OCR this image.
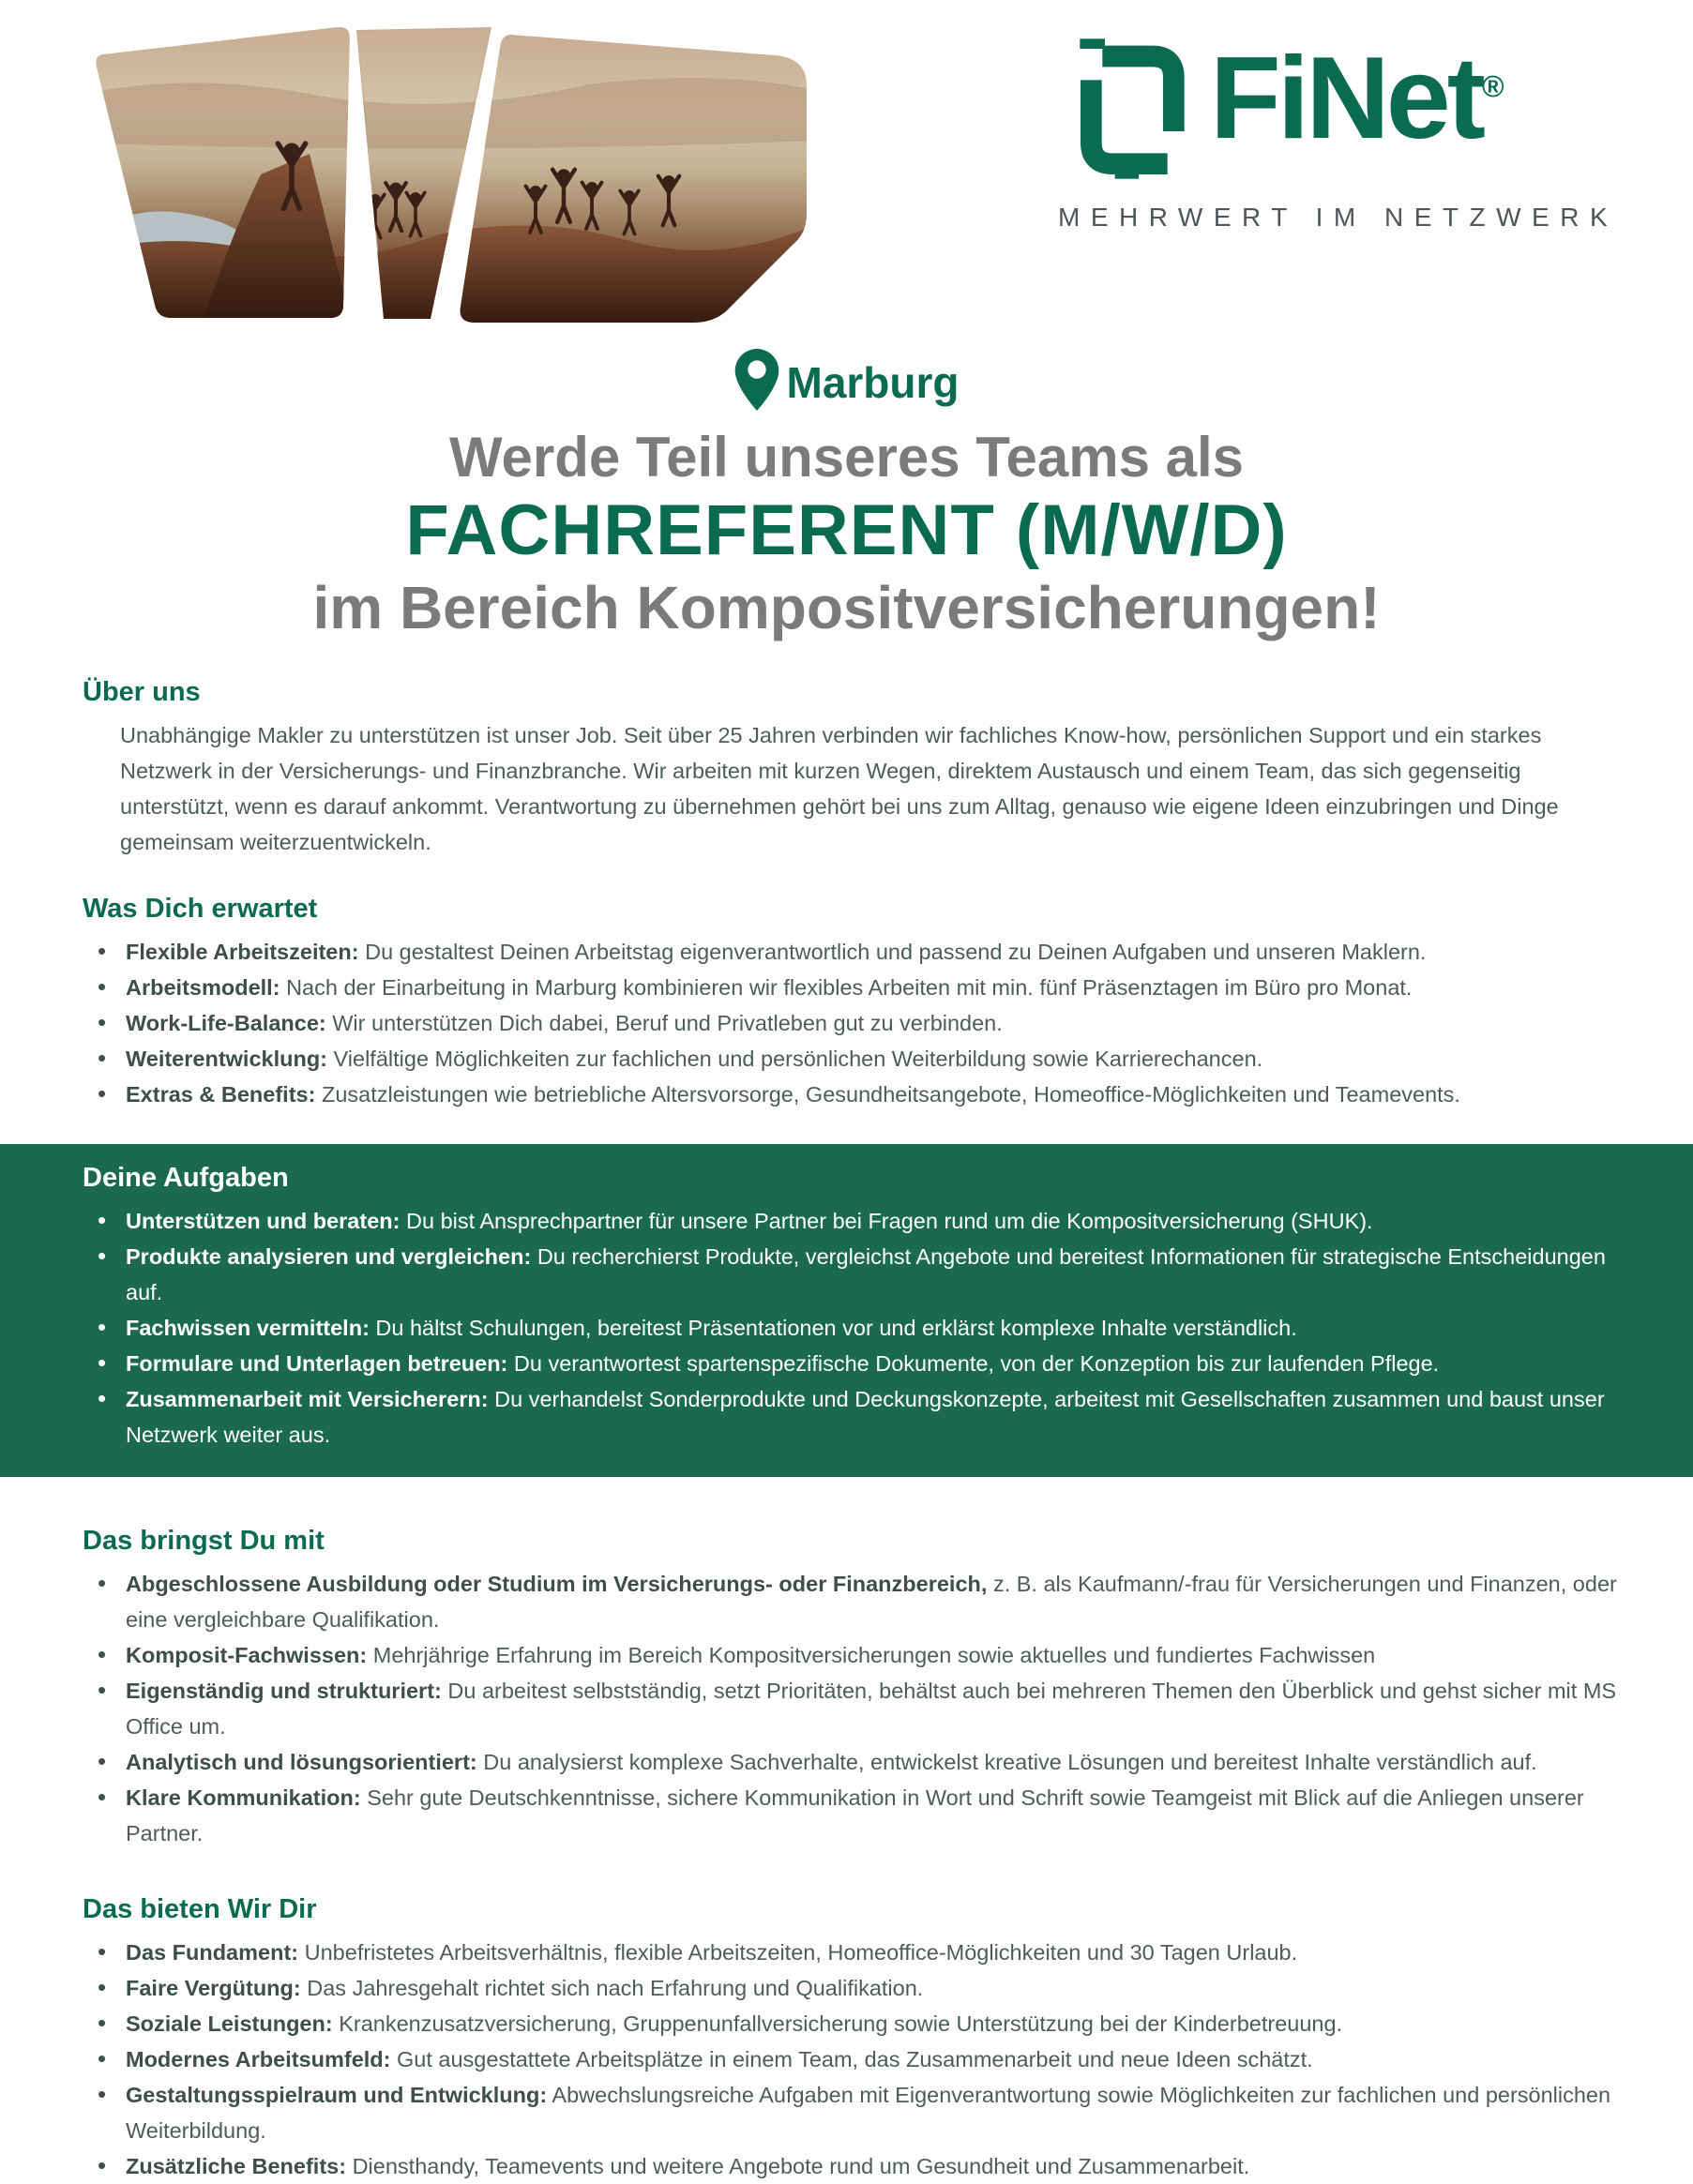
FiNet®
MEHRWERT IM NETZWERK
Marburg
Werde Teil unseres Teams als
FACHREFERENT (M/W/D)
im Bereich Kompositversicherungen!
Über uns

Unabhängige Makler zu unterstützen ist unser Job. Seit über 25 Jahren verbinden wir fachliches Know-how, persönlichen Support und ein starkes Netzwerk in der Versicherungs- und Finanzbranche. Wir arbeiten mit kurzen Wegen, direktem Austausch und einem Team, das sich gegenseitig unterstützt, wenn es darauf ankommt. Verantwortung zu übernehmen gehört bei uns zum Alltag, genauso wie eigene Ideen einzubringen und Dinge gemeinsam weiterzuentwickeln.

Was Dich erwartet
• Flexible Arbeitszeiten: Du gestaltest Deinen Arbeitstag eigenverantwortlich und passend zu Deinen Aufgaben und unseren Maklern.
• Arbeitsmodell: Nach der Einarbeitung in Marburg kombinieren wir flexibles Arbeiten mit min. fünf Präsenztagen im Büro pro Monat.
• Work-Life-Balance: Wir unterstützen Dich dabei, Beruf und Privatleben gut zu verbinden.
• Weiterentwicklung: Vielfältige Möglichkeiten zur fachlichen und persönlichen Weiterbildung sowie Karrierechancen.
• Extras & Benefits: Zusatzleistungen wie betriebliche Altersvorsorge, Gesundheitsangebote, Homeoffice-Möglichkeiten und Teamevents.
Deine Aufgaben
• Unterstützen und beraten: Du bist Ansprechpartner für unsere Partner bei Fragen rund um die Kompositversicherung (SHUK).
• Produkte analysieren und vergleichen: Du recherchierst Produkte, vergleichst Angebote und bereitest Informationen für strategische Entscheidungen auf.
• Fachwissen vermitteln: Du hältst Schulungen, bereitest Präsentationen vor und erklärst komplexe Inhalte verständlich.
• Formulare und Unterlagen betreuen: Du verantwortest spartenspezifische Dokumente, von der Konzeption bis zur laufenden Pflege.
• Zusammenarbeit mit Versicherern: Du verhandelst Sonderprodukte und Deckungskonzepte, arbeitest mit Gesellschaften zusammen und baust unser Netzwerk weiter aus.
Das bringst Du mit
• Abgeschlossene Ausbildung oder Studium im Versicherungs- oder Finanzbereich, z. B. als Kaufmann/-frau für Versicherungen und Finanzen, oder eine vergleichbare Qualifikation.
• Komposit-Fachwissen: Mehrjährige Erfahrung im Bereich Kompositversicherungen sowie aktuelles und fundiertes Fachwissen
• Eigenständig und strukturiert: Du arbeitest selbstständig, setzt Prioritäten, behältst auch bei mehreren Themen den Überblick und gehst sicher mit MS Office um.
• Analytisch und lösungsorientiert: Du analysierst komplexe Sachverhalte, entwickelst kreative Lösungen und bereitest Inhalte verständlich auf.
• Klare Kommunikation: Sehr gute Deutschkenntnisse, sichere Kommunikation in Wort und Schrift sowie Teamgeist mit Blick auf die Anliegen unserer Partner.
Das bieten Wir Dir
• Das Fundament: Unbefristetes Arbeitsverhältnis, flexible Arbeitszeiten, Homeoffice-Möglichkeiten und 30 Tagen Urlaub.
• Faire Vergütung: Das Jahresgehalt richtet sich nach Erfahrung und Qualifikation.
• Soziale Leistungen: Krankenzusatzversicherung, Gruppenunfallversicherung sowie Unterstützung bei der Kinderbetreuung.
• Modernes Arbeitsumfeld: Gut ausgestattete Arbeitsplätze in einem Team, das Zusammenarbeit und neue Ideen schätzt.
• Gestaltungsspielraum und Entwicklung: Abwechslungsreiche Aufgaben mit Eigenverantwortung sowie Möglichkeiten zur fachlichen und persönlichen Weiterbildung.
• Zusätzliche Benefits: Diensthandy, Teamevents und weitere Angebote rund um Gesundheit und Zusammenarbeit.
